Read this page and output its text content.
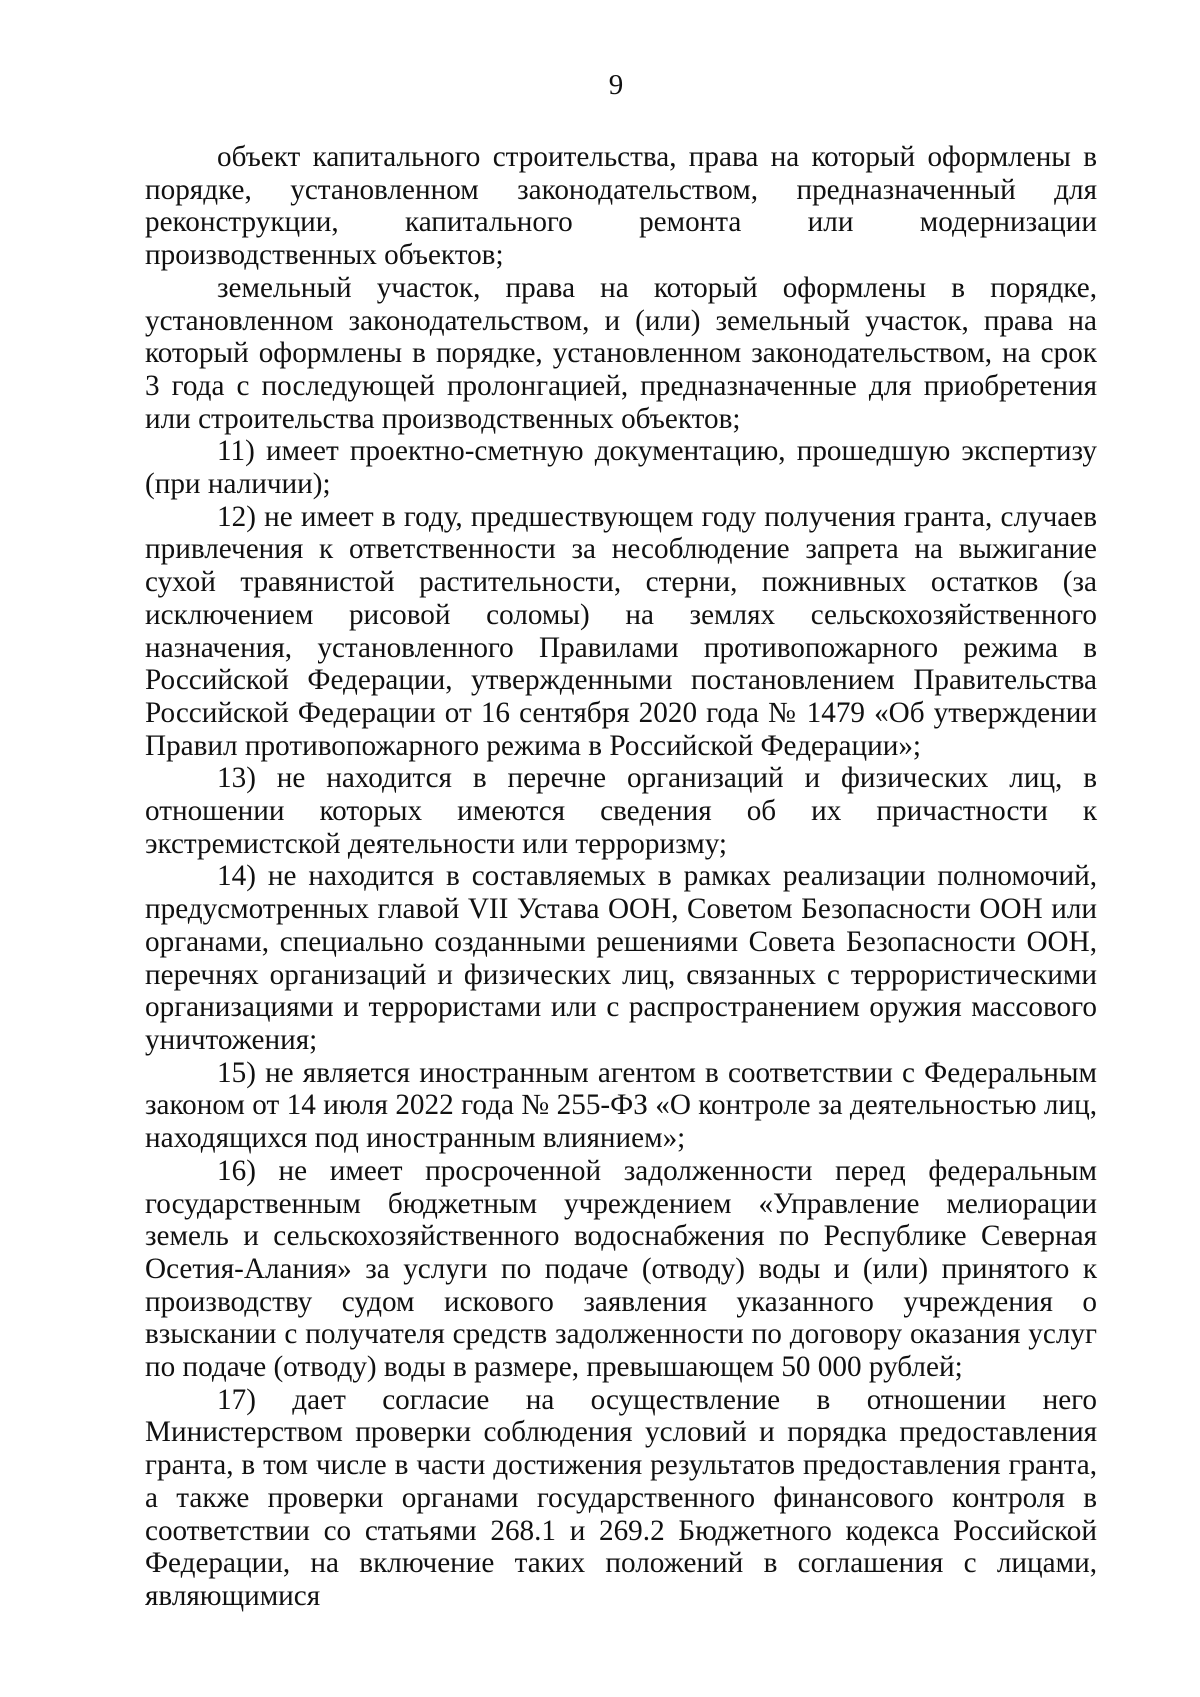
9

объект капитального строительства, права на который оформлены в порядке, установленном законодательством, предназначенный для реконструкции, капитального ремонта или модернизации производственных объектов;

земельный участок, права на который оформлены в порядке, установленном законодательством, и (или) земельный участок, права на который оформлены в порядке, установленном законодательством, на срок 3 года с последующей пролонгацией, предназначенные для приобретения или строительства производственных объектов;

11) имеет проектно-сметную документацию, прошедшую экспертизу (при наличии);

12) не имеет в году, предшествующем году получения гранта, случаев привлечения к ответственности за несоблюдение запрета на выжигание сухой травянистой растительности, стерни, пожнивных остатков (за исключением рисовой соломы) на землях сельскохозяйственного назначения, установленного Правилами противопожарного режима в Российской Федерации, утвержденными постановлением Правительства Российской Федерации от 16 сентября 2020 года № 1479 «Об утверждении Правил противопожарного режима в Российской Федерации»;

13) не находится в перечне организаций и физических лиц, в отношении которых имеются сведения об их причастности к экстремистской деятельности или терроризму;

14) не находится в составляемых в рамках реализации полномочий, предусмотренных главой VII Устава ООН, Советом Безопасности ООН или органами, специально созданными решениями Совета Безопасности ООН, перечнях организаций и физических лиц, связанных с террористическими организациями и террористами или с распространением оружия массового уничтожения;

15) не является иностранным агентом в соответствии с Федеральным законом от 14 июля 2022 года № 255-ФЗ «О контроле за деятельностью лиц, находящихся под иностранным влиянием»;

16) не имеет просроченной задолженности перед федеральным государственным бюджетным учреждением «Управление мелиорации земель и сельскохозяйственного водоснабжения по Республике Северная Осетия-Алания» за услуги по подаче (отводу) воды и (или) принятого к производству судом искового заявления указанного учреждения о взыскании с получателя средств задолженности по договору оказания услуг по подаче (отводу) воды в размере, превышающем 50 000 рублей;

17) дает согласие на осуществление в отношении него Министерством проверки соблюдения условий и порядка предоставления гранта, в том числе в части достижения результатов предоставления гранта, а также проверки органами государственного финансового контроля в соответствии со статьями 268.1 и 269.2 Бюджетного кодекса Российской Федерации, на включение таких положений в соглашения с лицами, являющимися
